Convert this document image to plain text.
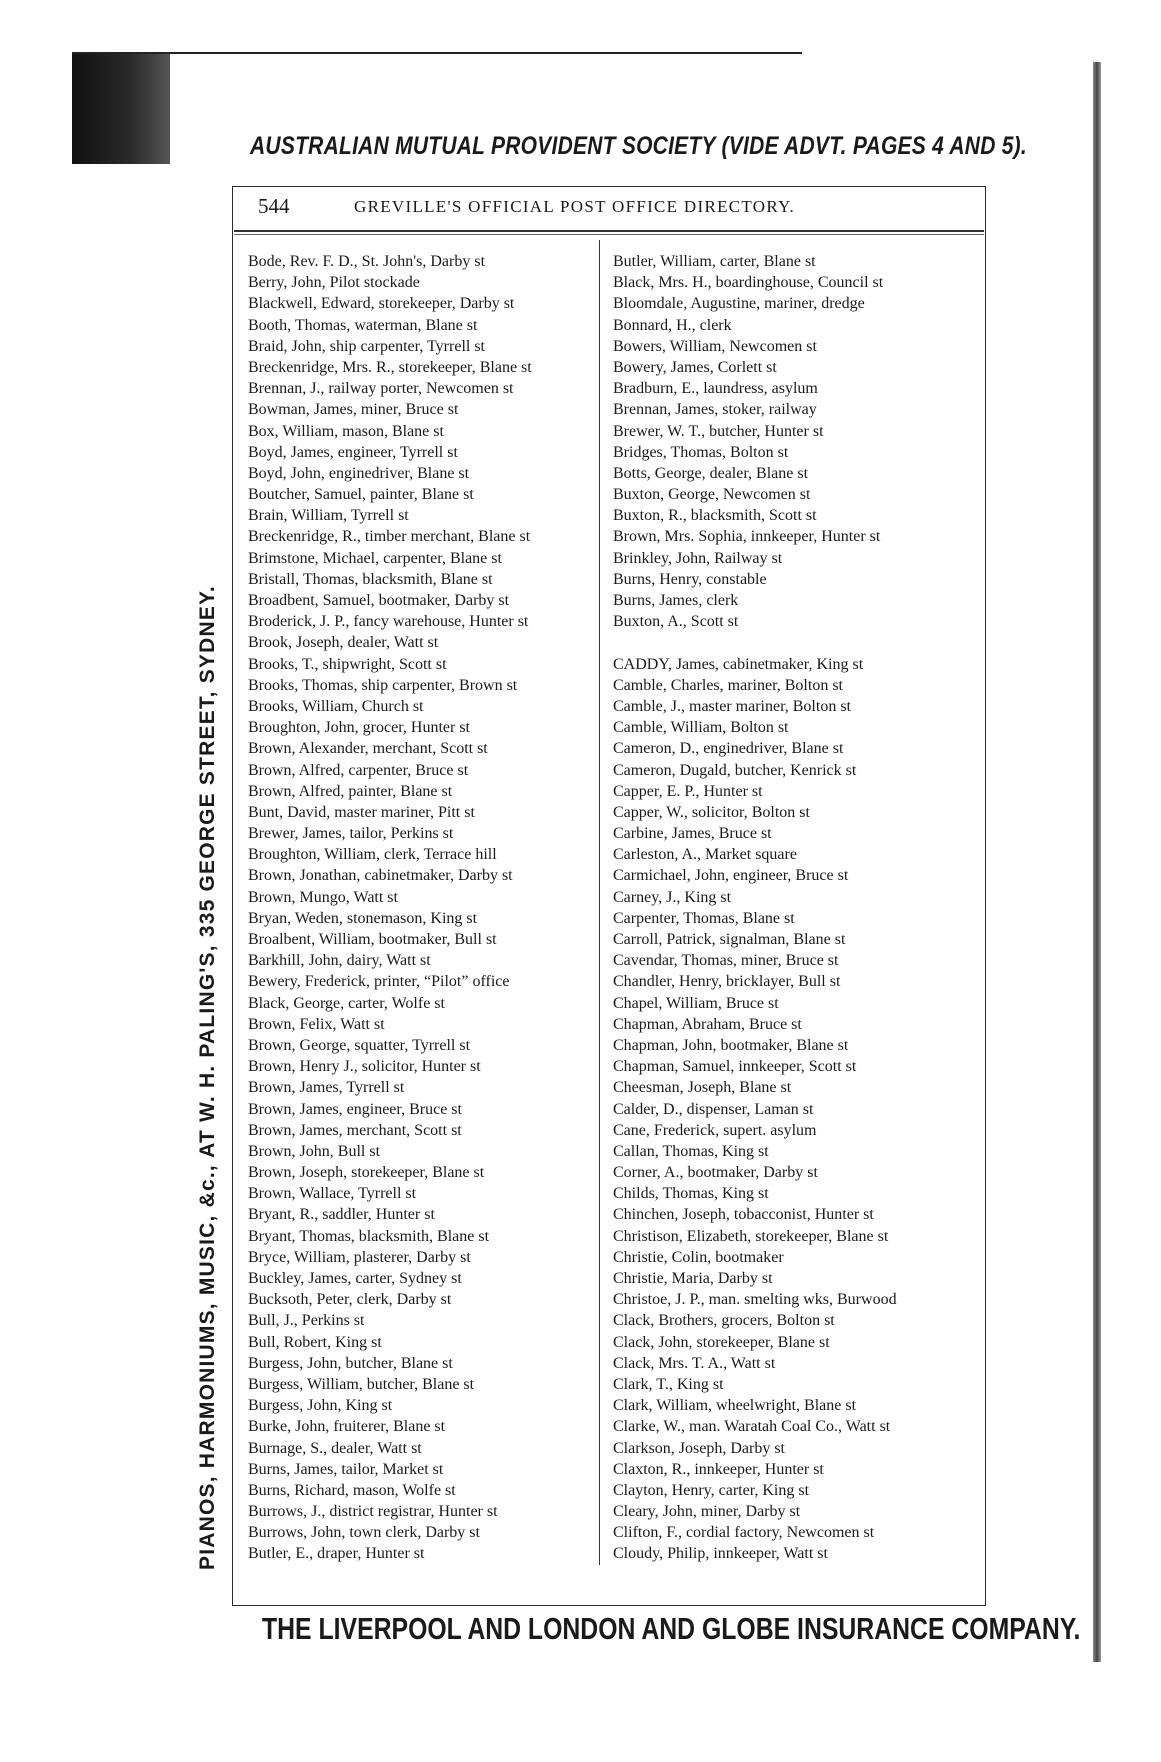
AUSTRALIAN MUTUAL PROVIDENT SOCIETY (VIDE ADVT. PAGES 4 AND 5).
PIANOS, HARMONIUMS, MUSIC, &c., AT W. H. PALING'S, 335 GEORGE STREET, SYDNEY.
544	GREVILLE'S OFFICIAL POST OFFICE DIRECTORY.
Bode, Rev. F. D., St. John's, Darby st
Berry, John, Pilot stockade
Blackwell, Edward, storekeeper, Darby st
Booth, Thomas, waterman, Blane st
Braid, John, ship carpenter, Tyrrell st
Breckenridge, Mrs. R., storekeeper, Blane st
Brennan, J., railway porter, Newcomen st
Bowman, James, miner, Bruce st
Box, William, mason, Blane st
Boyd, James, engineer, Tyrrell st
Boyd, John, enginedriver, Blane st
Boutcher, Samuel, painter, Blane st
Brain, William, Tyrrell st
Breckenridge, R., timber merchant, Blane st
Brimstone, Michael, carpenter, Blane st
Bristall, Thomas, blacksmith, Blane st
Broadbent, Samuel, bootmaker, Darby st
Broderick, J. P., fancy warehouse, Hunter st
Brook, Joseph, dealer, Watt st
Brooks, T., shipwright, Scott st
Brooks, Thomas, ship carpenter, Brown st
Brooks, William, Church st
Broughton, John, grocer, Hunter st
Brown, Alexander, merchant, Scott st
Brown, Alfred, carpenter, Bruce st
Brown, Alfred, painter, Blane st
Bunt, David, master mariner, Pitt st
Brewer, James, tailor, Perkins st
Broughton, William, clerk, Terrace hill
Brown, Jonathan, cabinetmaker, Darby st
Brown, Mungo, Watt st
Bryan, Weden, stonemason, King st
Broalbent, William, bootmaker, Bull st
Barkhill, John, dairy, Watt st
Bewery, Frederick, printer, “Pilot” office
Black, George, carter, Wolfe st
Brown, Felix, Watt st
Brown, George, squatter, Tyrrell st
Brown, Henry J., solicitor, Hunter st
Brown, James, Tyrrell st
Brown, James, engineer, Bruce st
Brown, James, merchant, Scott st
Brown, John, Bull st
Brown, Joseph, storekeeper, Blane st
Brown, Wallace, Tyrrell st
Bryant, R., saddler, Hunter st
Bryant, Thomas, blacksmith, Blane st
Bryce, William, plasterer, Darby st
Buckley, James, carter, Sydney st
Bucksoth, Peter, clerk, Darby st
Bull, J., Perkins st
Bull, Robert, King st
Burgess, John, butcher, Blane st
Burgess, William, butcher, Blane st
Burgess, John, King st
Burke, John, fruiterer, Blane st
Burnage, S., dealer, Watt st
Burns, James, tailor, Market st
Burns, Richard, mason, Wolfe st
Burrows, J., district registrar, Hunter st
Burrows, John, town clerk, Darby st
Butler, E., draper, Hunter st
Butler, William, carter, Blane st
Black, Mrs. H., boardinghouse, Council st
Bloomdale, Augustine, mariner, dredge
Bonnard, H., clerk
Bowers, William, Newcomen st
Bowery, James, Corlett st
Bradburn, E., laundress, asylum
Brennan, James, stoker, railway
Brewer, W. T., butcher, Hunter st
Bridges, Thomas, Bolton st
Botts, George, dealer, Blane st
Buxton, George, Newcomen st
Buxton, R., blacksmith, Scott st
Brown, Mrs. Sophia, innkeeper, Hunter st
Brinkley, John, Railway st
Burns, Henry, constable
Burns, James, clerk
Buxton, A., Scott st
CADDY, James, cabinetmaker, King st
Camble, Charles, mariner, Bolton st
Camble, J., master mariner, Bolton st
Camble, William, Bolton st
Cameron, D., enginedriver, Blane st
Cameron, Dugald, butcher, Kenrick st
Capper, E. P., Hunter st
Capper, W., solicitor, Bolton st
Carbine, James, Bruce st
Carleston, A., Market square
Carmichael, John, engineer, Bruce st
Carney, J., King st
Carpenter, Thomas, Blane st
Carroll, Patrick, signalman, Blane st
Cavendar, Thomas, miner, Bruce st
Chandler, Henry, bricklayer, Bull st
Chapel, William, Bruce st
Chapman, Abraham, Bruce st
Chapman, John, bootmaker, Blane st
Chapman, Samuel, innkeeper, Scott st
Cheesman, Joseph, Blane st
Calder, D., dispenser, Laman st
Cane, Frederick, supert. asylum
Callan, Thomas, King st
Corner, A., bootmaker, Darby st
Childs, Thomas, King st
Chinchen, Joseph, tobacconist, Hunter st
Christison, Elizabeth, storekeeper, Blane st
Christie, Colin, bootmaker
Christie, Maria, Darby st
Christoe, J. P., man. smelting wks, Burwood
Clack, Brothers, grocers, Bolton st
Clack, John, storekeeper, Blane st
Clack, Mrs. T. A., Watt st
Clark, T., King st
Clark, William, wheelwright, Blane st
Clarke, W., man. Waratah Coal Co., Watt st
Clarkson, Joseph, Darby st
Claxton, R., innkeeper, Hunter st
Clayton, Henry, carter, King st
Cleary, John, miner, Darby st
Clifton, F., cordial factory, Newcomen st
Cloudy, Philip, innkeeper, Watt st
THE LIVERPOOL AND LONDON AND GLOBE INSURANCE COMPANY.
